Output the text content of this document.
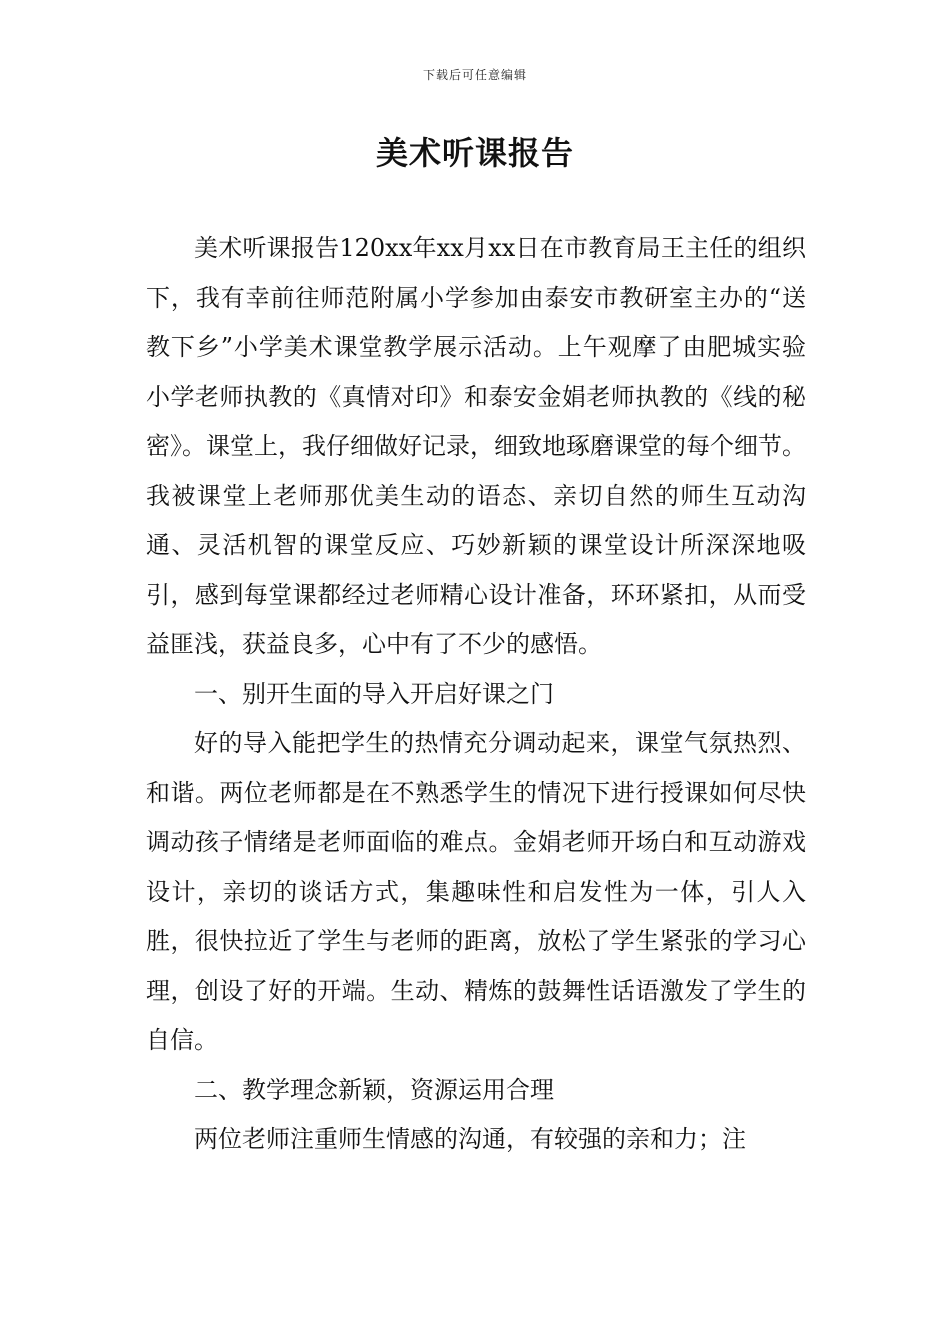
下载后可任意编辑
美术听课报告

美术听课报告120xx年xx月xx日在市教育局王主任的组织下，我有幸前往师范附属小学参加由泰安市教研室主办的“送教下乡”小学美术课堂教学展示活动。上午观摩了由肥城实验小学老师执教的《真情对印》和泰安金娟老师执教的《线的秘密》。课堂上，我仔细做好记录，细致地琢磨课堂的每个细节。我被课堂上老师那优美生动的语态、亲切自然的师生互动沟通、灵活机智的课堂反应、巧妙新颖的课堂设计所深深地吸引，感到每堂课都经过老师精心设计准备，环环紧扣，从而受益匪浅，获益良多，心中有了不少的感悟。

一、别开生面的导入开启好课之门

好的导入能把学生的热情充分调动起来，课堂气氛热烈、和谐。两位老师都是在不熟悉学生的情况下进行授课如何尽快调动孩子情绪是老师面临的难点。金娟老师开场白和互动游戏设计，亲切的谈话方式，集趣味性和启发性为一体，引人入胜，很快拉近了学生与老师的距离，放松了学生紧张的学习心理，创设了好的开端。生动、精炼的鼓舞性话语激发了学生的自信。

二、教学理念新颖，资源运用合理

两位老师注重师生情感的沟通，有较强的亲和力；注
